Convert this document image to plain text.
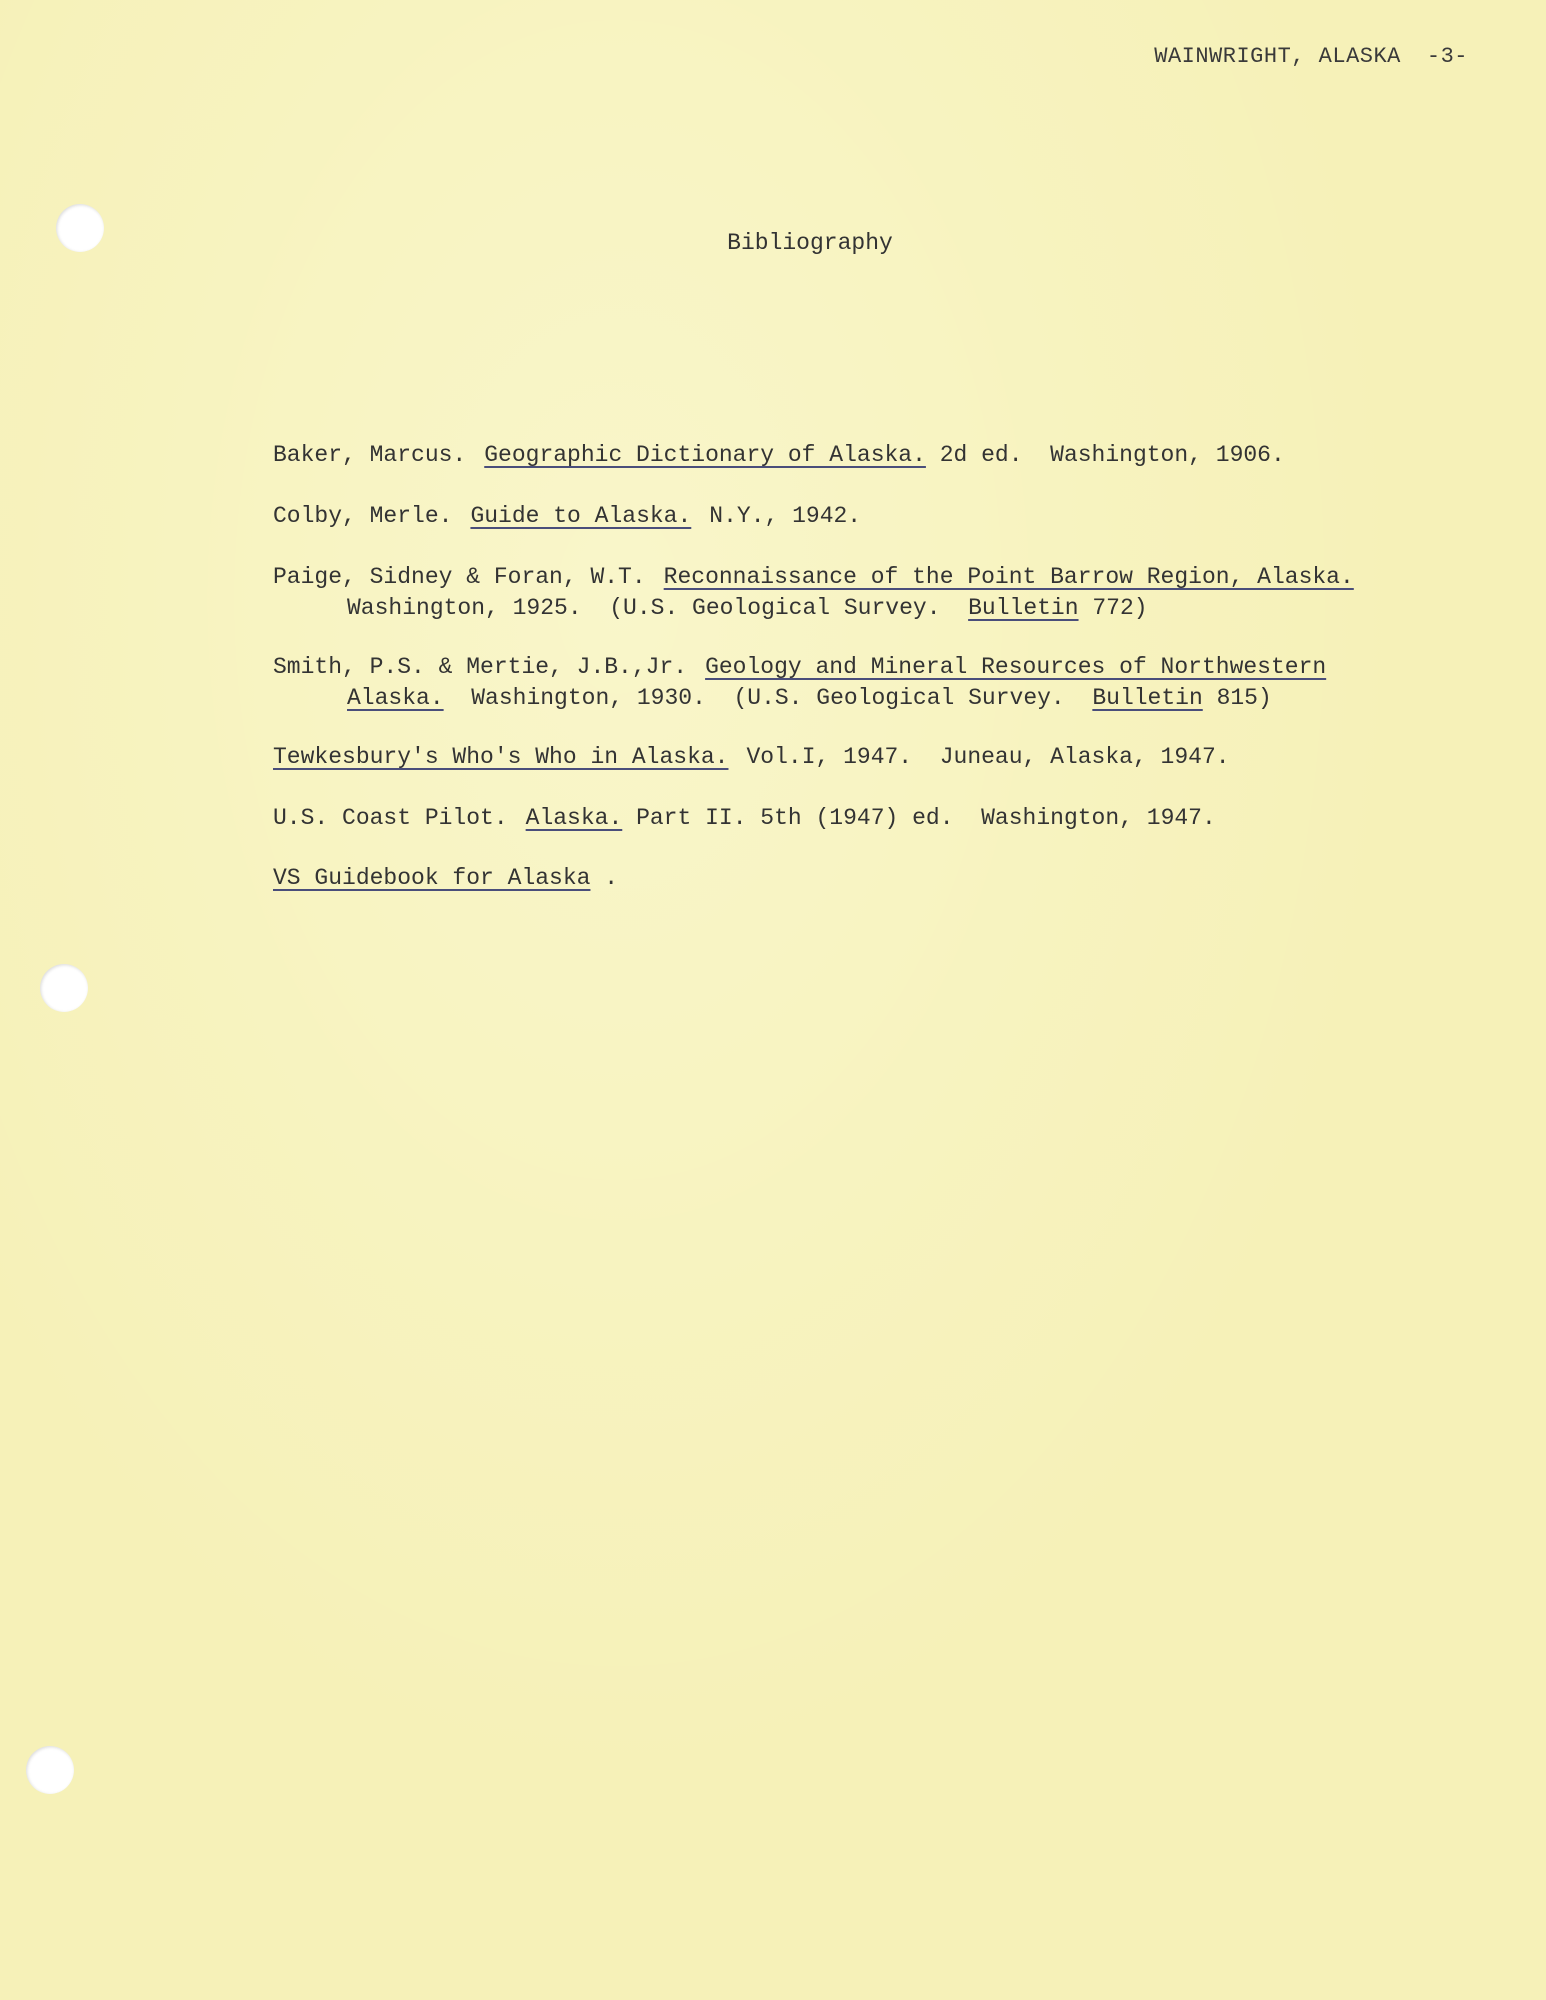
WAINWRIGHT, ALASKA -3-
Bibliography
Baker, Marcus. Geographic Dictionary of Alaska. 2d ed.  Washington, 1906.
Colby, Merle. Guide to Alaska. N.Y., 1942.
Paige, Sidney & Foran, W.T. Reconnaissance of the Point Barrow Region, Alaska.
Washington, 1925.  (U.S. Geological Survey. Bulletin 772)
Smith, P.S. & Mertie, J.B.,Jr. Geology and Mineral Resources of Northwestern
Alaska. Washington, 1930.  (U.S. Geological Survey. Bulletin 815)
Tewkesbury's Who's Who in Alaska. Vol.I, 1947.  Juneau, Alaska, 1947.
U.S. Coast Pilot. Alaska. Part II. 5th (1947) ed.  Washington, 1947.
VS Guidebook for Alaska .
